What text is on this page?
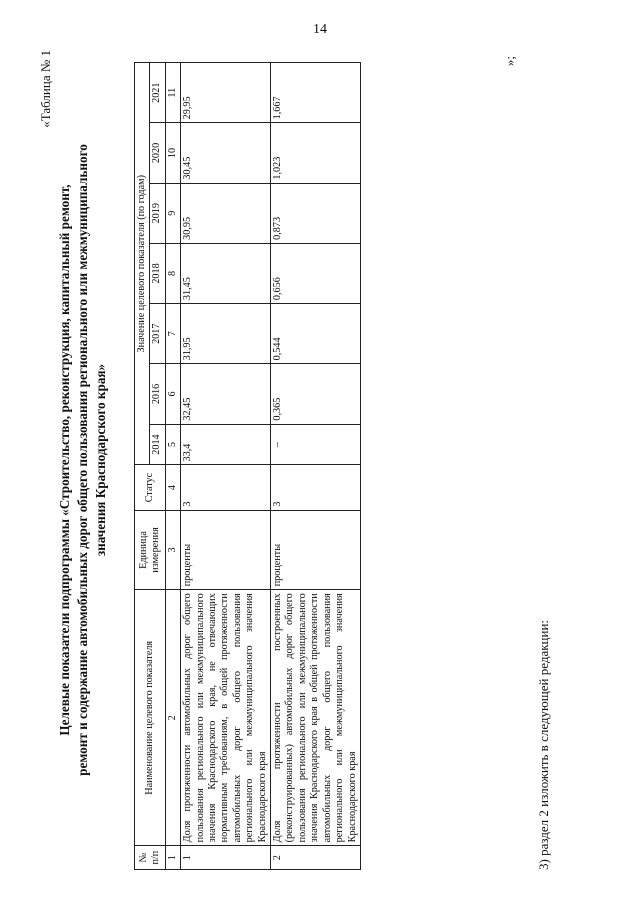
14
«Таблица № 1
Целевые показатели подпрограммы «Строительство, реконструкция, капитальный ремонт, ремонт и содержание автомобильных дорог общего пользования регионального или межмуниципального значения Краснодарского края»
№ п/п	Наименование целевого показателя	Единица измерения	Статус	Значение целевого показателя (по годам)						
				2014	2016	2017	2018	2019	2020	2021
1	2	3	4	5	6	7	8	9	10	11
1	Доля протяженности автомобильных дорог общего пользования регионального или межмуниципального значения Краснодарского края, не отвечающих нормативным требованиям, в общей протяженности автомобильных дорог общего пользования регионального или межмуниципального значения Краснодарского края	проценты	3	33,4	32,45	31,95	31,45	30,95	30,45	29,95
2	Доля протяженности построенных (реконструированных) автомобильных дорог общего пользования регионального или межмуниципального значения Краснодарского края в общей протяженности автомобильных дорог общего пользования регионального или межмуниципального значения Краснодарского края	проценты	3	–	0,365	0,544	0,656	0,873	1,023	1,667
»;
3) раздел 2 изложить в следующей редакции:
